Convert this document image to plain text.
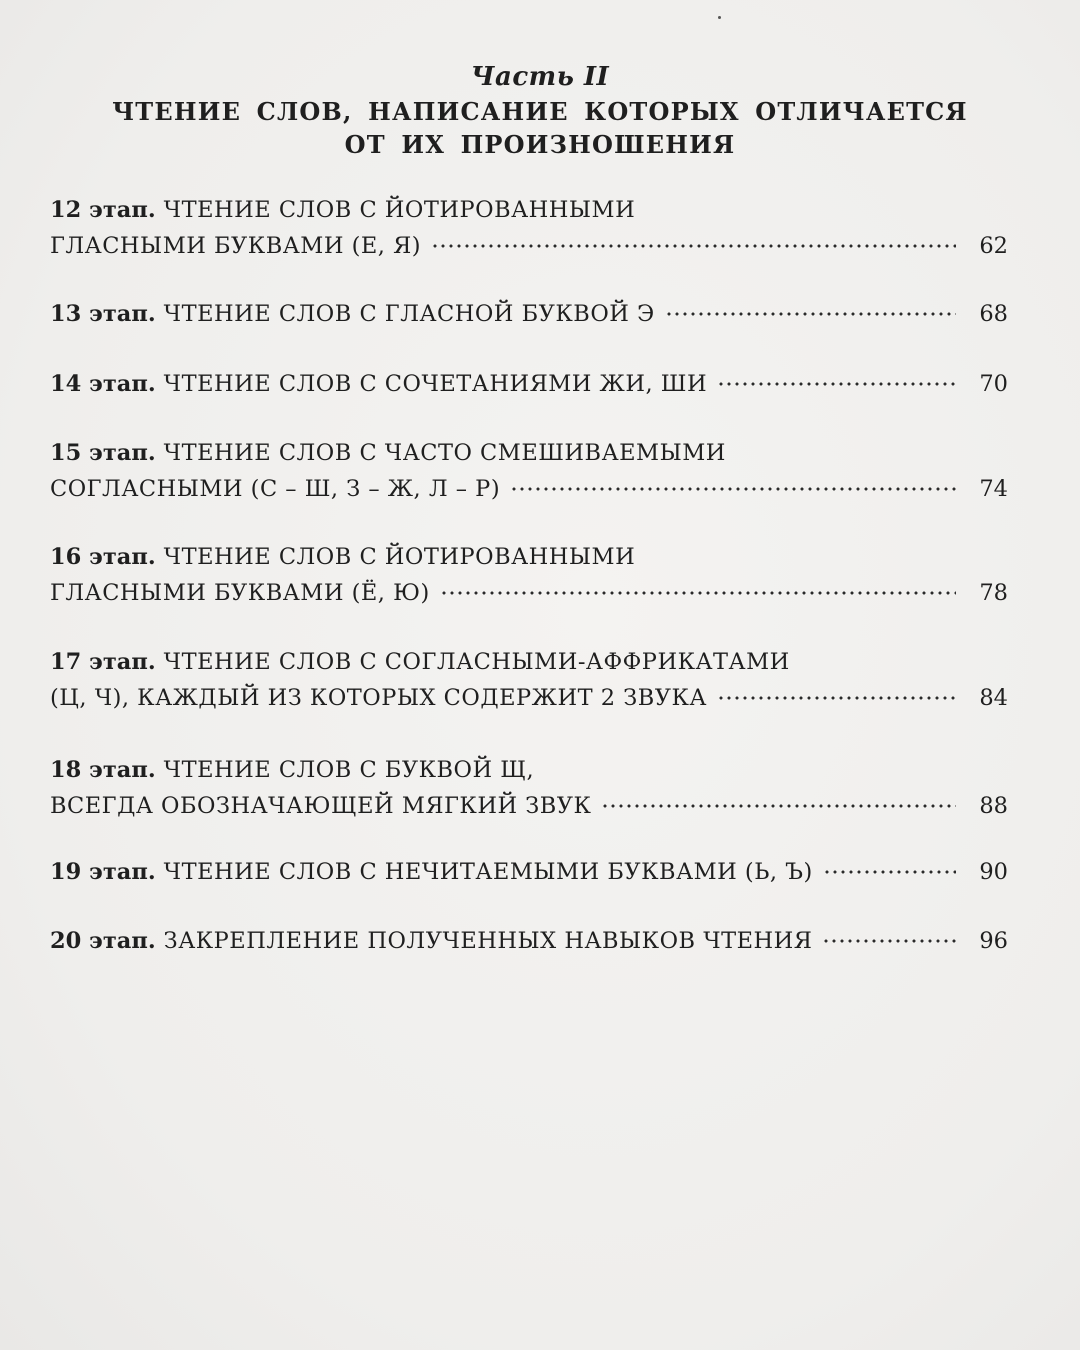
Часть II
ЧТЕНИЕ СЛОВ, НАПИСАНИЕ КОТОРЫХ ОТЛИЧАЕТСЯ
ОТ ИХ ПРОИЗНОШЕНИЯ
12 этап. ЧТЕНИЕ СЛОВ С ЙОТИРОВАННЫМИ
ГЛАСНЫМИ БУКВАМИ (Е, Я)	62
13 этап. ЧТЕНИЕ СЛОВ С ГЛАСНОЙ БУКВОЙ Э	68
14 этап. ЧТЕНИЕ СЛОВ С СОЧЕТАНИЯМИ ЖИ, ШИ	70
15 этап. ЧТЕНИЕ СЛОВ С ЧАСТО СМЕШИВАЕМЫМИ
СОГЛАСНЫМИ (С – Ш, З – Ж, Л – Р)	74
16 этап. ЧТЕНИЕ СЛОВ С ЙОТИРОВАННЫМИ
ГЛАСНЫМИ БУКВАМИ (Ё, Ю)	78
17 этап. ЧТЕНИЕ СЛОВ С СОГЛАСНЫМИ-АФФРИКАТАМИ
(Ц, Ч), КАЖДЫЙ ИЗ КОТОРЫХ СОДЕРЖИТ 2 ЗВУКА	84
18 этап. ЧТЕНИЕ СЛОВ С БУКВОЙ Щ,
ВСЕГДА ОБОЗНАЧАЮЩЕЙ МЯГКИЙ ЗВУК	88
19 этап. ЧТЕНИЕ СЛОВ С НЕЧИТАЕМЫМИ БУКВАМИ (Ь, Ъ)	90
20 этап. ЗАКРЕПЛЕНИЕ ПОЛУЧЕННЫХ НАВЫКОВ ЧТЕНИЯ	96
